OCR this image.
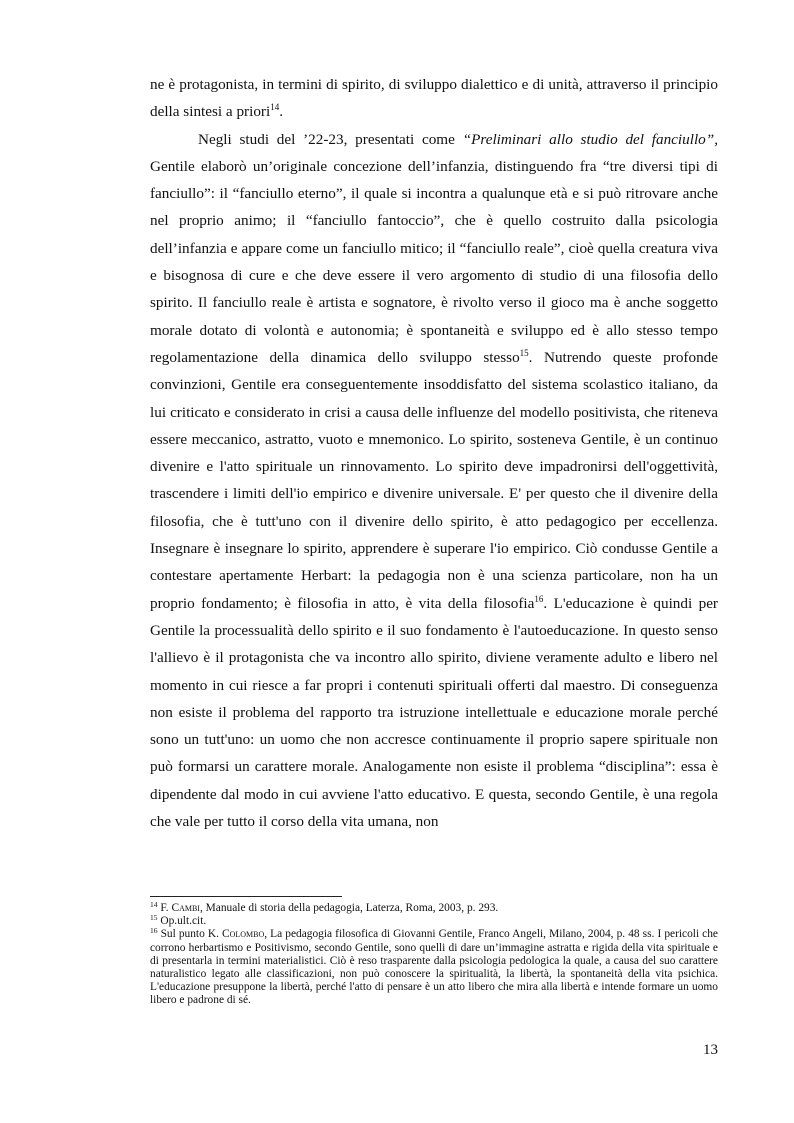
ne è protagonista, in termini di spirito, di sviluppo dialettico e di unità, attraverso il principio della sintesi a priori$^{14}$.

Negli studi del ’22-23, presentati come “Preliminari allo studio del fanciullo”, Gentile elaborò un’originale concezione dell’infanzia, distinguendo fra “tre diversi tipi di fanciullo”: il “fanciullo eterno”, il quale si incontra a qualunque età e si può ritrovare anche nel proprio animo; il “fanciullo fantoccio”, che è quello costruito dalla psicologia dell’infanzia e appare come un fanciullo mitico; il “fanciullo reale”, cioè quella creatura viva e bisognosa di cure e che deve essere il vero argomento di studio di una filosofia dello spirito. Il fanciullo reale è artista e sognatore, è rivolto verso il gioco ma è anche soggetto morale dotato di volontà e autonomia; è spontaneità e sviluppo ed è allo stesso tempo regolamentazione della dinamica dello sviluppo stesso$^{15}$. Nutrendo queste profonde convinzioni, Gentile era conseguentemente insoddisfatto del sistema scolastico italiano, da lui criticato e considerato in crisi a causa delle influenze del modello positivista, che riteneva essere meccanico, astratto, vuoto e mnemonico. Lo spirito, sosteneva Gentile, è un continuo divenire e l'atto spirituale un rinnovamento. Lo spirito deve impadronirsi dell'oggettività, trascendere i limiti dell'io empirico e divenire universale. E' per questo che il divenire della filosofia, che è tutt'uno con il divenire dello spirito, è atto pedagogico per eccellenza. Insegnare è insegnare lo spirito, apprendere è superare l'io empirico. Ciò condusse Gentile a contestare apertamente Herbart: la pedagogia non è una scienza particolare, non ha un proprio fondamento; è filosofia in atto, è vita della filosofia$^{16}$. L'educazione è quindi per Gentile la processualità dello spirito e il suo fondamento è l'autoeducazione. In questo senso l'allievo è il protagonista che va incontro allo spirito, diviene veramente adulto e libero nel momento in cui riesce a far propri i contenuti spirituali offerti dal maestro. Di conseguenza non esiste il problema del rapporto tra istruzione intellettuale e educazione morale perché sono un tutt'uno: un uomo che non accresce continuamente il proprio sapere spirituale non può formarsi un carattere morale. Analogamente non esiste il problema “disciplina”: essa è dipendente dal modo in cui avviene l'atto educativo. E questa, secondo Gentile, è una regola che vale per tutto il corso della vita umana, non

$^{14}$ F. Cambi, Manuale di storia della pedagogia, Laterza, Roma, 2003, p. 293.

$^{15}$ Op.ult.cit.

$^{16}$ Sul punto K. Colombo, La pedagogia filosofica di Giovanni Gentile, Franco Angeli, Milano, 2004, p. 48 ss. I pericoli che corrono herbartismo e Positivismo, secondo Gentile, sono quelli di dare un’immagine astratta e rigida della vita spirituale e di presentarla in termini materialistici. Ciò è reso trasparente dalla psicologia pedologica la quale, a causa del suo carattere naturalistico legato alle classificazioni, non può conoscere la spiritualità, la libertà, la spontaneità della vita psichica. L'educazione presuppone la libertà, perché l'atto di pensare è un atto libero che mira alla libertà e intende formare un uomo libero e padrone di sé.

13
